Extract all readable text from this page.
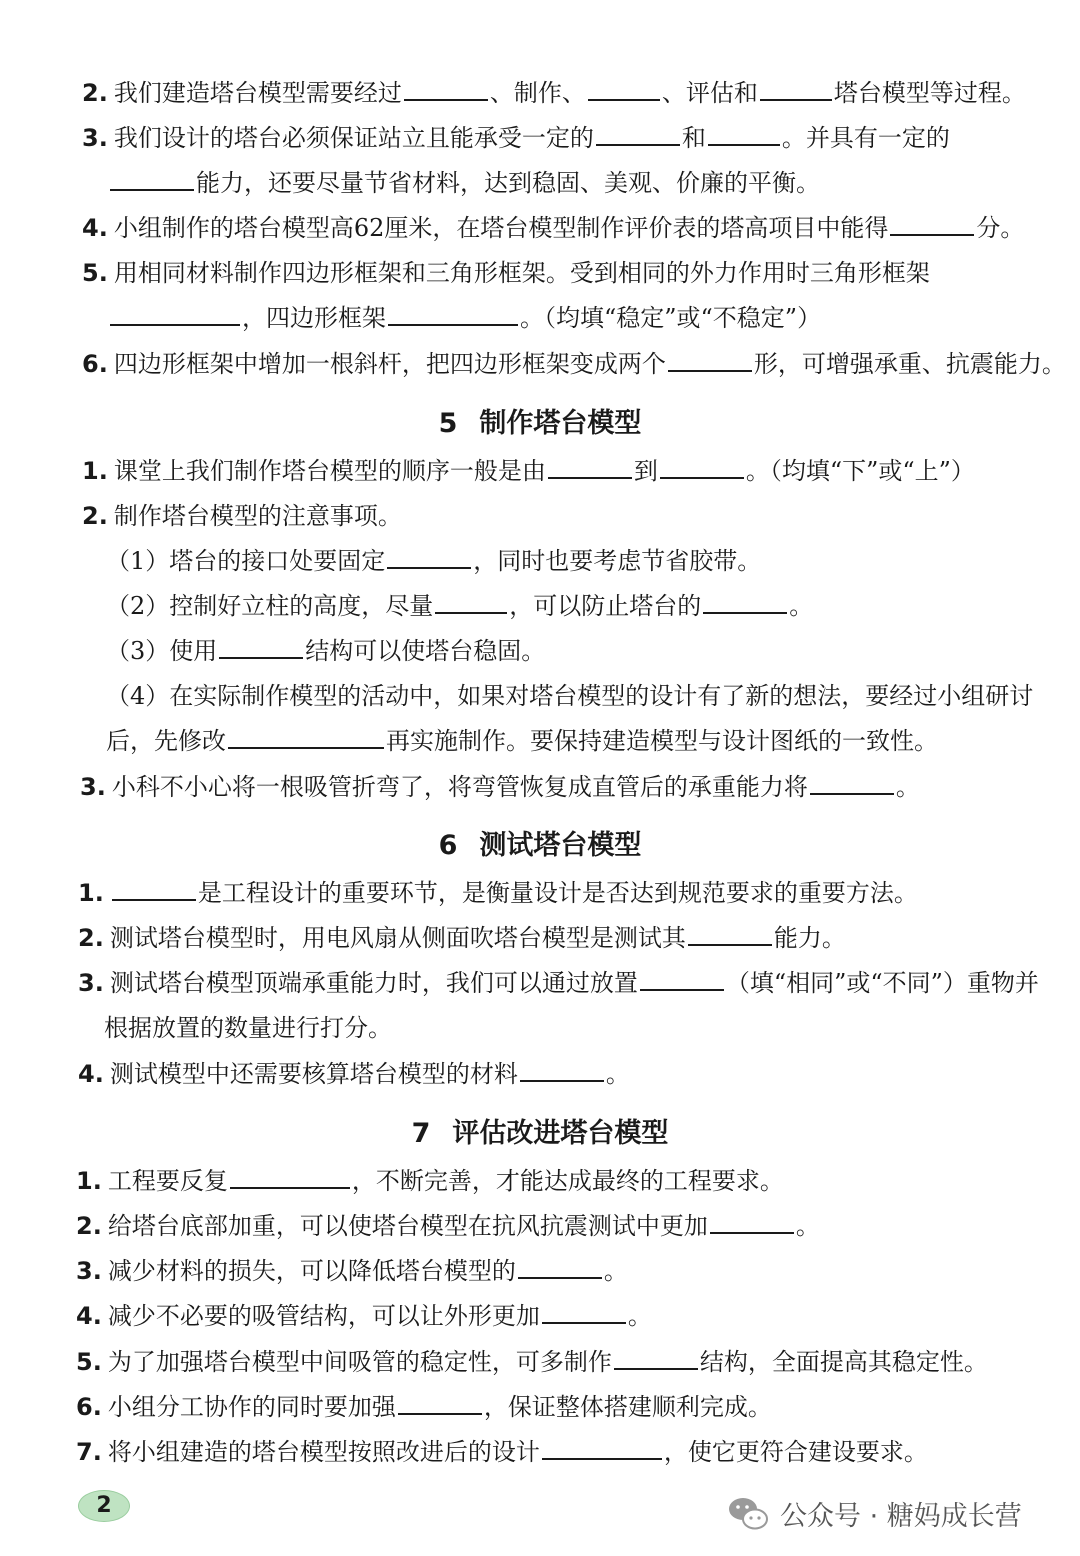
2. 我们建造塔台模型需要经过	、制作、	、评估和	塔台模型等过程。
3. 我们设计的塔台必须保证站立且能承受一定的	和	。并具有一定的
能力，还要尽量节省材料，达到稳固、美观、价廉的平衡。
4. 小组制作的塔台模型高62厘米，在塔台模型制作评价表的塔高项目中能得	分。
5. 用相同材料制作四边形框架和三角形框架。受到相同的外力作用时三角形框架
，四边形框架	。（均填“稳定”或“不稳定”）
6. 四边形框架中增加一根斜杆，把四边形框架变成两个	形，可增强承重、抗震能力。
1. 课堂上我们制作塔台模型的顺序一般是由	到	。（均填“下”或“上”）
2. 制作塔台模型的注意事项。
（1）塔台的接口处要固定	，同时也要考虑节省胶带。
（2）控制好立柱的高度，尽量	，可以防止塔台的	。
（3）使用	结构可以使塔台稳固。
（4）在实际制作模型的活动中，如果对塔台模型的设计有了新的想法，要经过小组研讨
后，先修改	再实施制作。要保持建造模型与设计图纸的一致性。
3. 小科不小心将一根吸管折弯了，将弯管恢复成直管后的承重能力将	。
1.	是工程设计的重要环节，是衡量设计是否达到规范要求的重要方法。
2. 测试塔台模型时，用电风扇从侧面吹塔台模型是测试其	能力。
3. 测试塔台模型顶端承重能力时，我们可以通过放置	（填“相同”或“不同”）重物并
根据放置的数量进行打分。
4. 测试模型中还需要核算塔台模型的材料	。
1. 工程要反复	，不断完善，才能达成最终的工程要求。
2. 给塔台底部加重，可以使塔台模型在抗风抗震测试中更加	。
3. 减少材料的损失，可以降低塔台模型的	。
4. 减少不必要的吸管结构，可以让外形更加	。
5. 为了加强塔台模型中间吸管的稳定性，可多制作	结构，全面提高其稳定性。
6. 小组分工协作的同时要加强	，保证整体搭建顺利完成。
7. 将小组建造的塔台模型按照改进后的设计	，使它更符合建设要求。
5 制作塔台模型
6 测试塔台模型
7 评估改进塔台模型
2	公众号 · 糖妈成长营
